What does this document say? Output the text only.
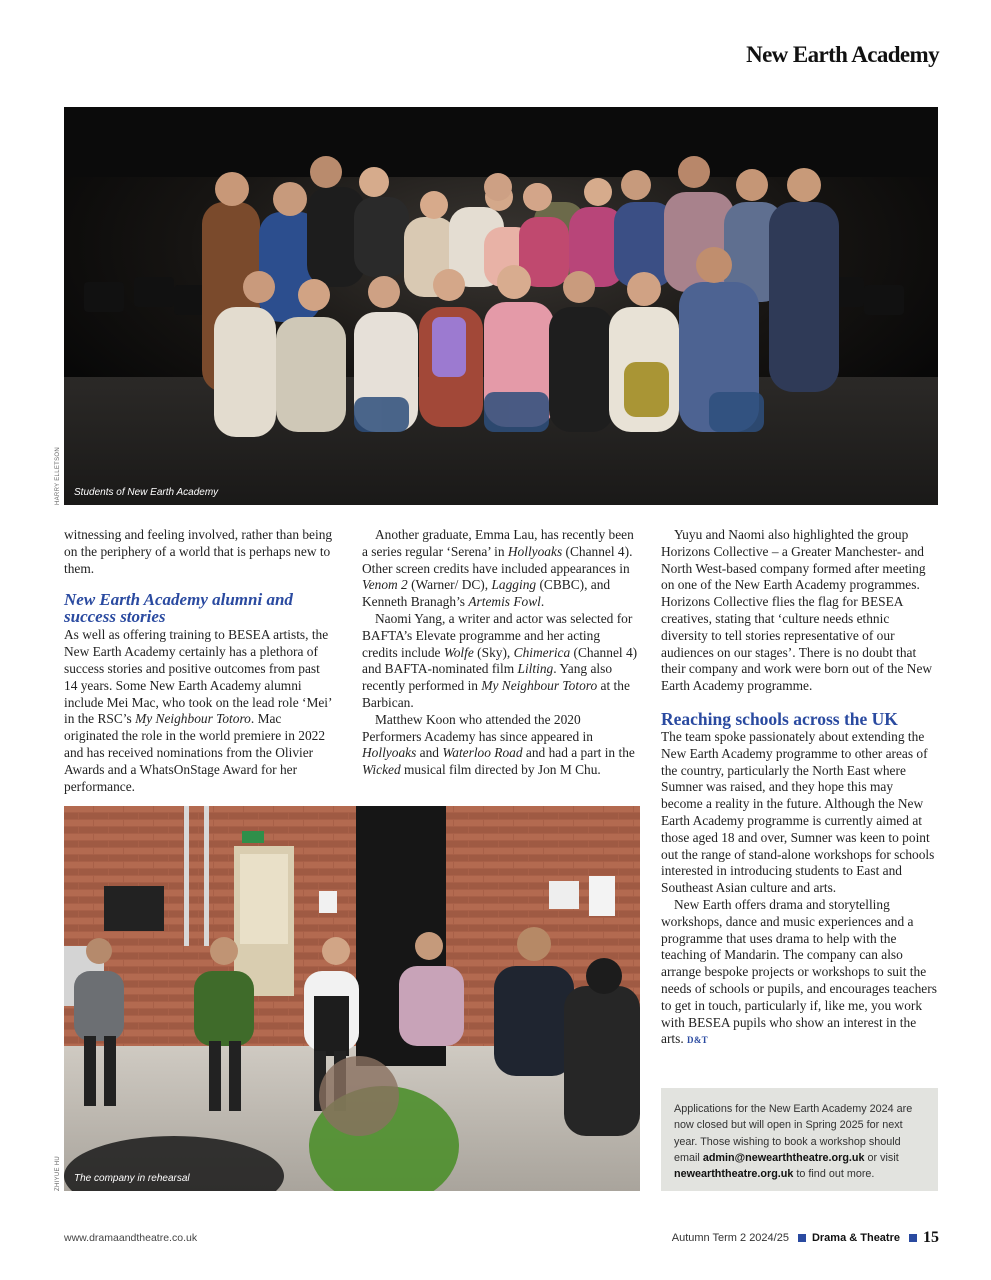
New Earth Academy
Students of New Earth Academy
HARRY ELLETSON

witnessing and feeling involved, rather than being on the periphery of a world that is perhaps new to them.

New Earth Academy alumni and success stories

As well as offering training to BESEA artists, the New Earth Academy certainly has a plethora of success stories and positive outcomes from past 14 years. Some New Earth Academy alumni include Mei Mac, who took on the lead role ‘Mei’ in the RSC’s My Neighbour Totoro. Mac originated the role in the world premiere in 2022 and has received nominations from the Olivier Awards and a WhatsOnStage Award for her performance.

Another graduate, Emma Lau, has recently been a series regular ‘Serena’ in Hollyoaks (Channel 4). Other screen credits have included appearances in Venom 2 (Warner/ DC), Lagging (CBBC), and Kenneth Branagh’s Artemis Fowl.

Naomi Yang, a writer and actor was selected for BAFTA’s Elevate programme and her acting credits include Wolfe (Sky), Chimerica (Channel 4) and BAFTA-nominated film Lilting. Yang also recently performed in My Neighbour Totoro at the Barbican.

Matthew Koon who attended the 2020 Performers Academy has since appeared in Hollyoaks and Waterloo Road and had a part in the Wicked musical film directed by Jon M Chu.

The company in rehearsal
ZHIYUE HU

Yuyu and Naomi also highlighted the group Horizons Collective – a Greater Manchester- and North West-based company formed after meeting on one of the New Earth Academy programmes. Horizons Collective flies the flag for BESEA creatives, stating that ‘culture needs ethnic diversity to tell stories representative of our audiences on our stages’. There is no doubt that their company and work were born out of the New Earth Academy programme.

Reaching schools across the UK

The team spoke passionately about extending the New Earth Academy programme to other areas of the country, particularly the North East where Sumner was raised, and they hope this may become a reality in the future. Although the New Earth Academy programme is currently aimed at those aged 18 and over, Sumner was keen to point out the range of stand-alone workshops for schools interested in introducing students to East and Southeast Asian culture and arts.

New Earth offers drama and storytelling workshops, dance and music experiences and a programme that uses drama to help with the teaching of Mandarin. The company can also arrange bespoke projects or workshops to suit the needs of schools or pupils, and encourages teachers to get in touch, particularly if, like me, you work with BESEA pupils who show an interest in the arts. D&T

Applications for the New Earth Academy 2024 are now closed but will open in Spring 2025 for next year. Those wishing to book a workshop should email admin@newearththeatre.org.uk or visit newearththeatre.org.uk to find out more.
www.dramaandtheatre.co.uk	Autumn Term 2 2024/25 Drama & Theatre 15
